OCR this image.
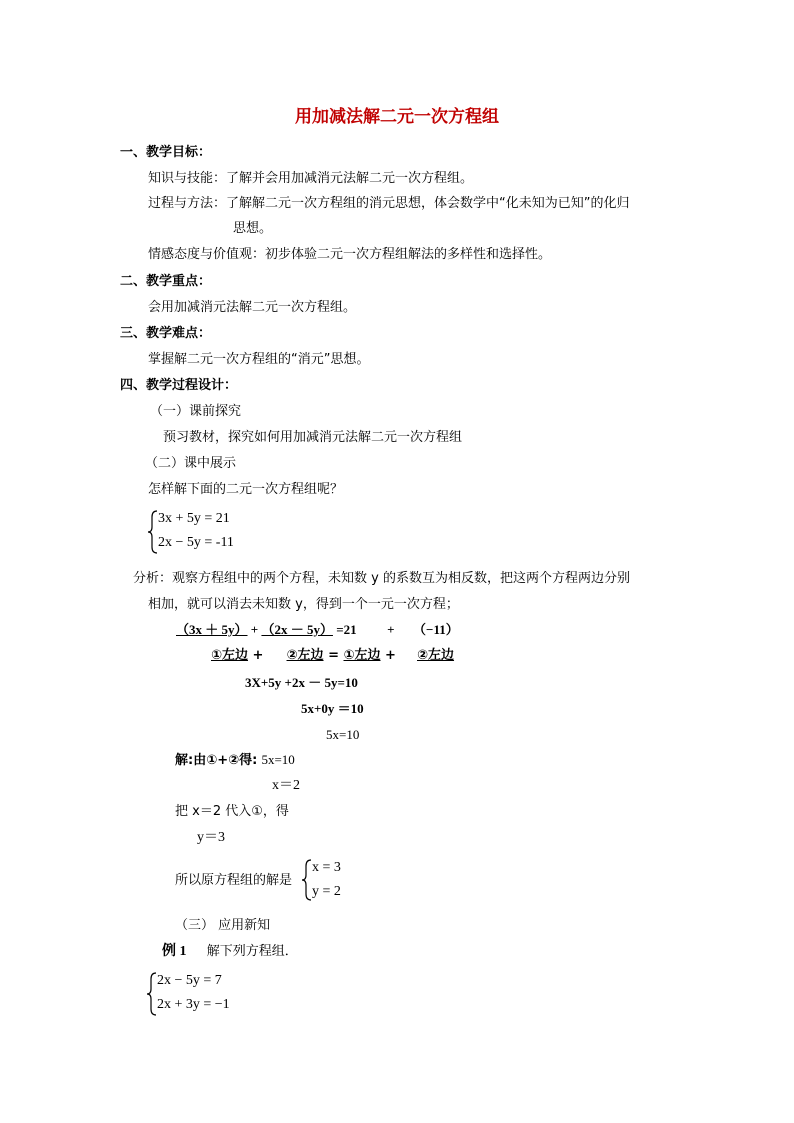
用加减法解二元一次方程组
一、教学目标：
知识与技能：了解并会用加减消元法解二元一次方程组。
过程与方法：了解解二元一次方程组的消元思想，体会数学中“化未知为已知”的化归
思想。
情感态度与价值观：初步体验二元一次方程组解法的多样性和选择性。
二、教学重点：
会用加减消元法解二元一次方程组。
三、教学难点：
掌握解二元一次方程组的“消元”思想。
四、教学过程设计：
（一）课前探究
预习教材，探究如何用加减消元法解二元一次方程组
（二）课中展示
怎样解下面的二元一次方程组呢？
3x + 5y = 21
2x − 5y = -11
分析：观察方程组中的两个方程，未知数 y 的系数互为相反数，把这两个方程两边分别
相加，就可以消去未知数 y，得到一个一元一次方程；
（3x ＋ 5y） + （2x － 5y） =21 + （−11）
①左边 + ②左边 = ①左边 + ②左边
3X+5y +2x － 5y=10
5x+0y ＝10
5x=10
解:由①+②得: 5x=10
x＝2
把 x＝2 代入①，得
y＝3
所以原方程组的解是
x = 3
y = 2
（三） 应用新知
例 1 解下列方程组．
2x − 5y = 7
2x + 3y = −1
